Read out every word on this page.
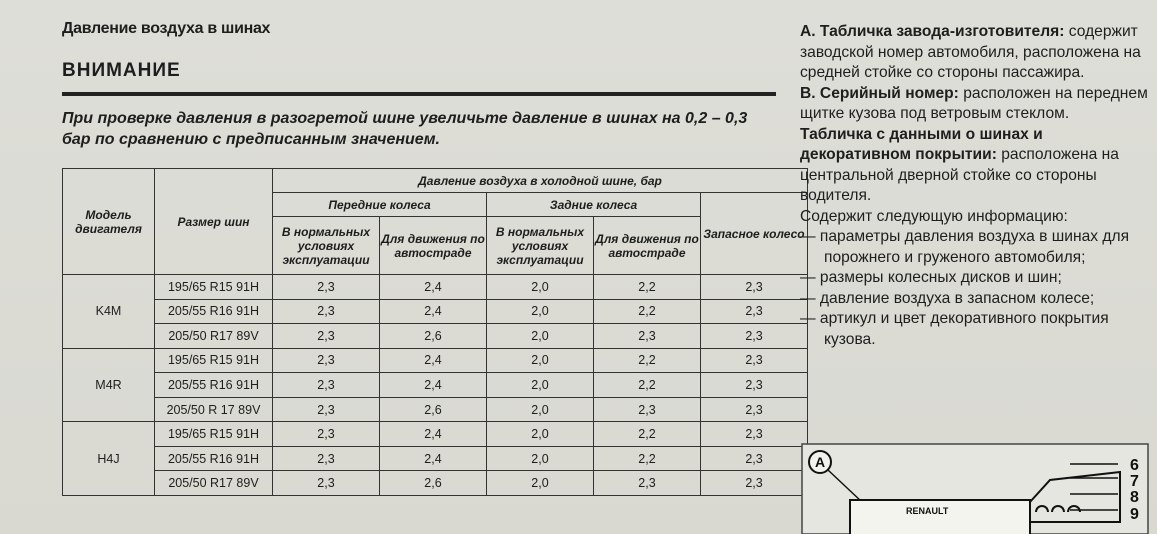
Давление воздуха в шинах
ВНИМАНИЕ
При проверке давления в разогретой шине увеличьте давление в шинах на 0,2 – 0,3 бар по сравнению с предписанным значением.
Модель двигателя	Размер шин	Давление воздуха в холодной шине, бар				
		Передние колеса		Задние колеса		Запасное колесо
		В нормальных условиях эксплуатации	Для движения по автостраде	В нормальных условиях эксплуатации	Для движения по автостраде	
K4M	195/65 R15 91H	2,3	2,4	2,0	2,2	2,3
	205/55 R16 91H	2,3	2,4	2,0	2,2	2,3
	205/50 R17 89V	2,3	2,6	2,0	2,3	2,3
M4R	195/65 R15 91H	2,3	2,4	2,0	2,2	2,3
	205/55 R16 91H	2,3	2,4	2,0	2,2	2,3
	205/50 R 17 89V	2,3	2,6	2,0	2,3	2,3
H4J	195/65 R15 91H	2,3	2,4	2,0	2,2	2,3
	205/55 R16 91H	2,3	2,4	2,0	2,2	2,3
	205/50 R17 89V	2,3	2,6	2,0	2,3	2,3

A. Табличка завода-изготовителя: содержит заводской номер автомобиля, расположена на средней стойке со стороны пассажира.

B. Серийный номер: расположен на переднем щитке кузова под ветровым стеклом.

Табличка с данными о шинах и декоративном покрытии: расположена на центральной дверной стойке со стороны водителя.

Содержит следующую информацию:

— параметры давления воздуха в шинах для порожнего и груженого автомобиля;

— размеры колесных дисков и шин;

— давление воздуха в запасном колесе;

— артикул и цвет декоративного покрытия кузова.

A
RENAULT
6
7
8
9
